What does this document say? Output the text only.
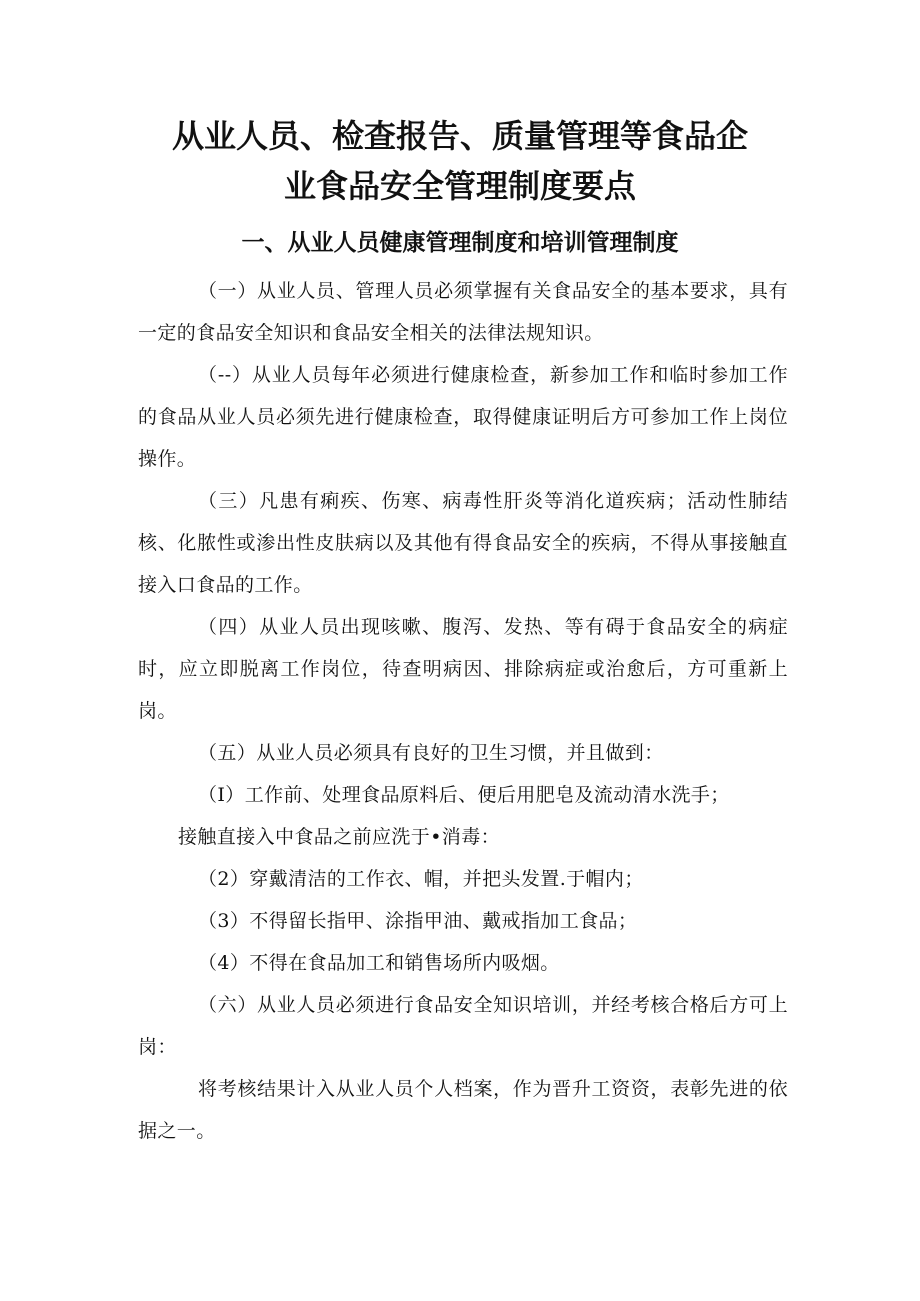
从业人员、检查报告、质量管理等食品企
业食品安全管理制度要点
一、从业人员健康管理制度和培训管理制度

（一）从业人员、管理人员必须掌握有关食品安全的基本要求，具有一定的食品安全知识和食品安全相关的法律法规知识。

（--）从业人员每年必须进行健康检查，新参加工作和临时参加工作的食品从业人员必须先进行健康检查，取得健康证明后方可参加工作上岗位操作。

（三）凡患有痢疾、伤寒、病毒性肝炎等消化道疾病；活动性肺结核、化脓性或渗出性皮肤病以及其他有得食品安全的疾病，不得从事接触直接入口食品的工作。

（四）从业人员出现咳嗽、腹泻、发热、等有碍于食品安全的病症时，应立即脱离工作岗位，待查明病因、排除病症或治愈后，方可重新上岗。

（五）从业人员必须具有良好的卫生习惯，并且做到：

（I）工作前、处理食品原料后、便后用肥皂及流动清水洗手；

接触直接入中食品之前应洗于•消毒：

（2）穿戴清洁的工作衣、帽，并把头发置.于帽内；

（3）不得留长指甲、涂指甲油、戴戒指加工食品；

（4）不得在食品加工和销售场所内吸烟。

（六）从业人员必须进行食品安全知识培训，并经考核合格后方可上岗：

将考核结果计入从业人员个人档案，作为晋升工资资，表彰先进的依据之一。
